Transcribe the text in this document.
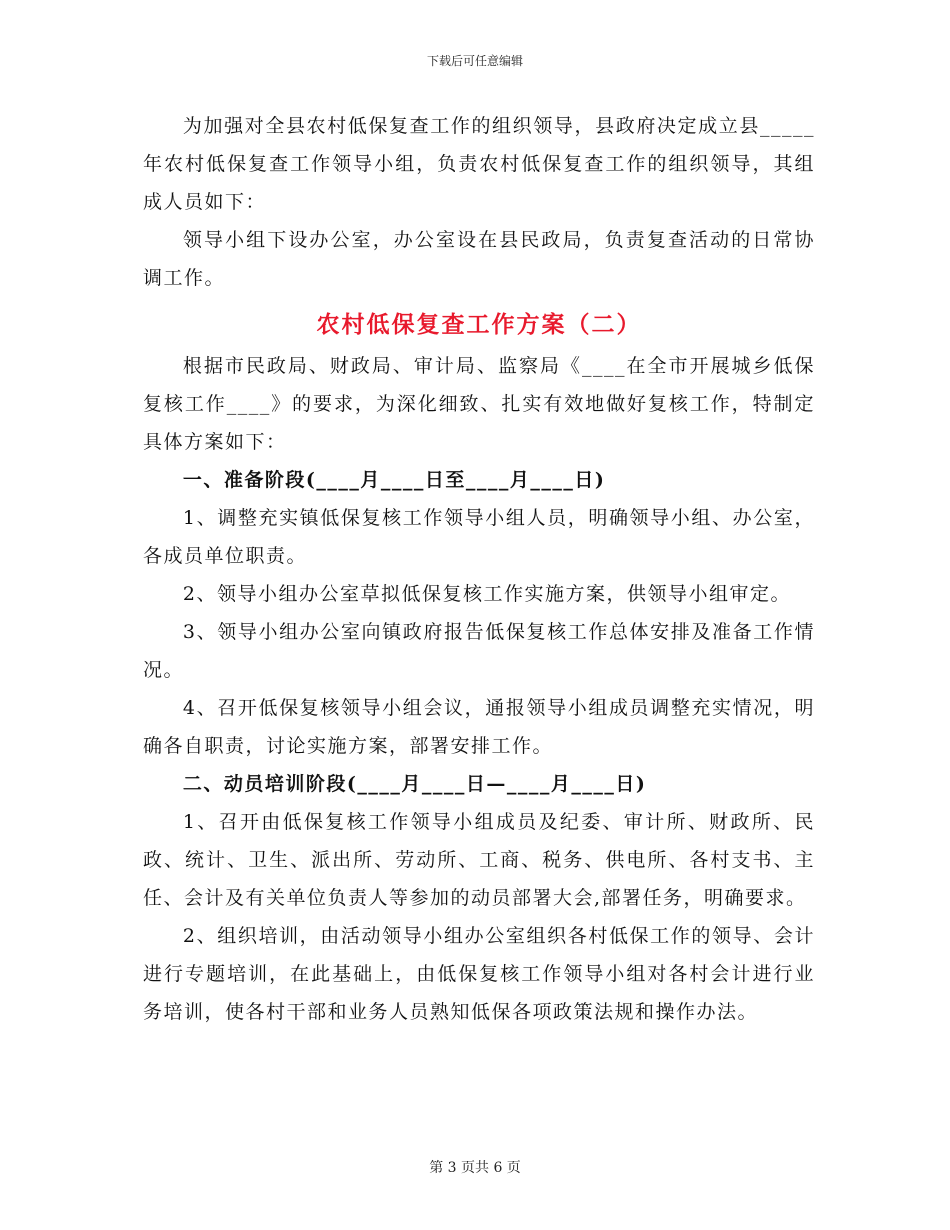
下载后可任意编辑

为加强对全县农村低保复查工作的组织领导，县政府决定成立县_____年农村低保复查工作领导小组，负责农村低保复查工作的组织领导，其组成人员如下：

领导小组下设办公室，办公室设在县民政局，负责复查活动的日常协调工作。

农村低保复查工作方案（二）

根据市民政局、财政局、审计局、监察局《____在全市开展城乡低保复核工作____》的要求，为深化细致、扎实有效地做好复核工作，特制定具体方案如下：

一、准备阶段(____月____日至____月____日)

1、调整充实镇低保复核工作领导小组人员，明确领导小组、办公室，各成员单位职责。

2、领导小组办公室草拟低保复核工作实施方案，供领导小组审定。

3、领导小组办公室向镇政府报告低保复核工作总体安排及准备工作情况。

4、召开低保复核领导小组会议，通报领导小组成员调整充实情况，明确各自职责，讨论实施方案，部署安排工作。

二、动员培训阶段(____月____日—____月____日)

1、召开由低保复核工作领导小组成员及纪委、审计所、财政所、民政、统计、卫生、派出所、劳动所、工商、税务、供电所、各村支书、主任、会计及有关单位负责人等参加的动员部署大会,部署任务，明确要求。

2、组织培训，由活动领导小组办公室组织各村低保工作的领导、会计进行专题培训，在此基础上，由低保复核工作领导小组对各村会计进行业务培训，使各村干部和业务人员熟知低保各项政策法规和操作办法。

第 3 页共 6 页
